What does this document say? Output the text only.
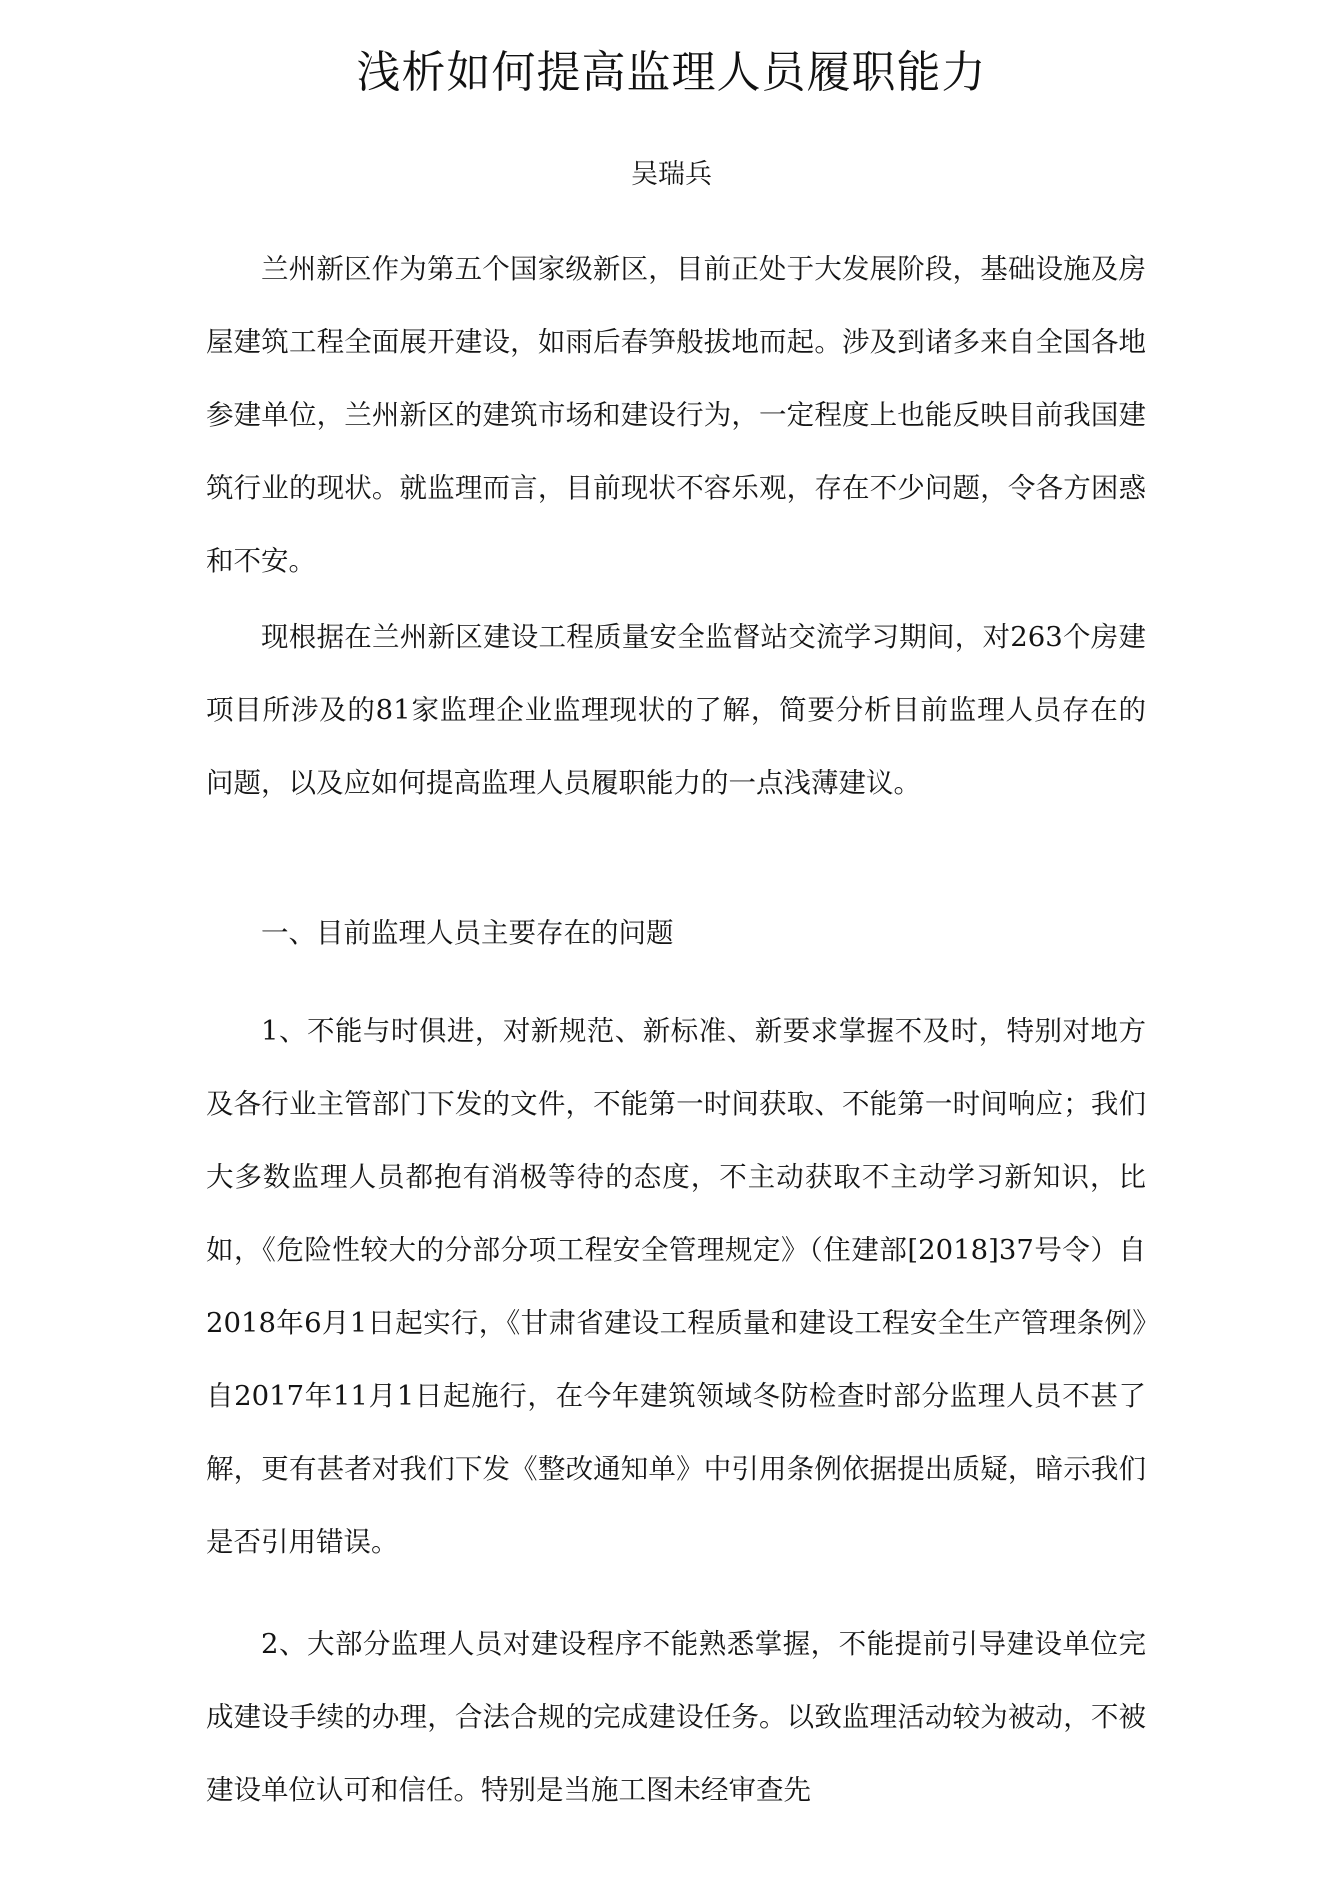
浅析如何提高监理人员履职能力
吴瑞兵

兰州新区作为第五个国家级新区，目前正处于大发展阶段，基础设施及房屋建筑工程全面展开建设，如雨后春笋般拔地而起。涉及到诸多来自全国各地参建单位，兰州新区的建筑市场和建设行为，一定程度上也能反映目前我国建筑行业的现状。就监理而言，目前现状不容乐观，存在不少问题，令各方困惑和不安。

现根据在兰州新区建设工程质量安全监督站交流学习期间，对263个房建项目所涉及的81家监理企业监理现状的了解，简要分析目前监理人员存在的问题，以及应如何提高监理人员履职能力的一点浅薄建议。

一、目前监理人员主要存在的问题

1、不能与时俱进，对新规范、新标准、新要求掌握不及时，特别对地方及各行业主管部门下发的文件，不能第一时间获取、不能第一时间响应；我们大多数监理人员都抱有消极等待的态度，不主动获取不主动学习新知识，比如，《危险性较大的分部分项工程安全管理规定》（住建部[2018]37号令）自2018年6月1日起实行，《甘肃省建设工程质量和建设工程安全生产管理条例》自2017年11月1日起施行，在今年建筑领域冬防检查时部分监理人员不甚了解，更有甚者对我们下发《整改通知单》中引用条例依据提出质疑，暗示我们是否引用错误。

2、大部分监理人员对建设程序不能熟悉掌握，不能提前引导建设单位完成建设手续的办理，合法合规的完成建设任务。以致监理活动较为被动，不被建设单位认可和信任。特别是当施工图未经审查先
